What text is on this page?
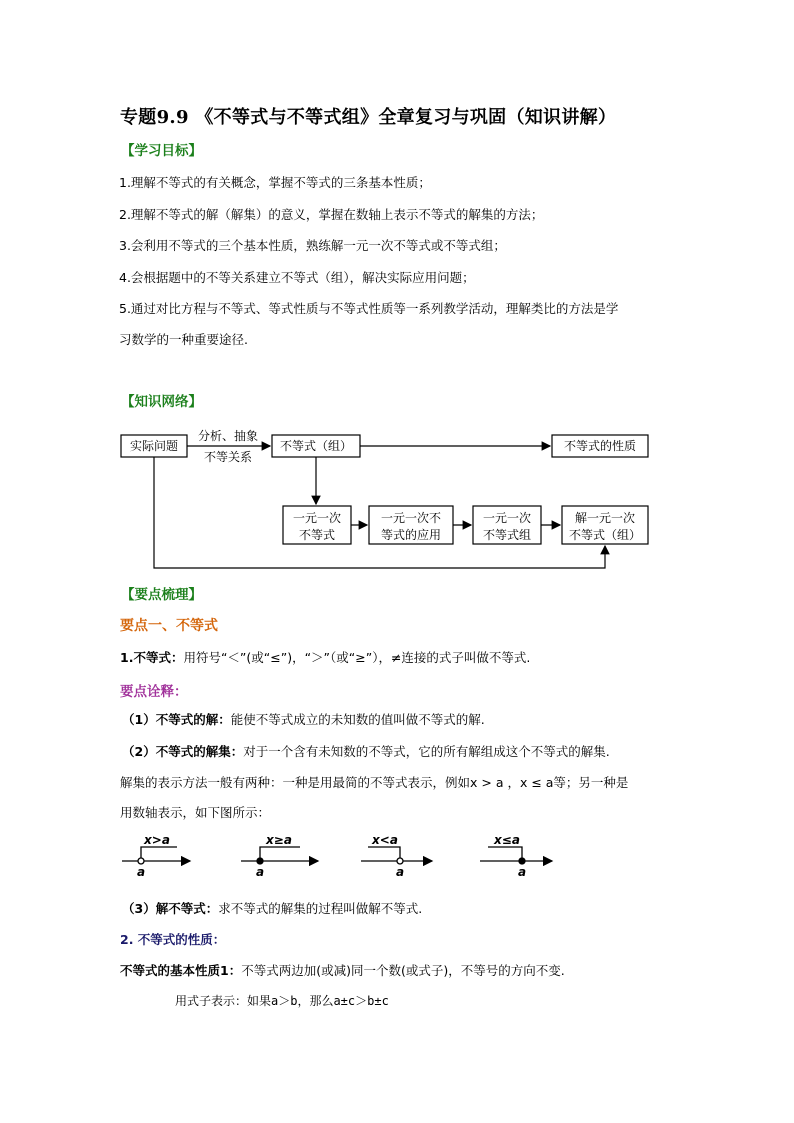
专题9.9 《不等式与不等式组》全章复习与巩固（知识讲解）
【学习目标】
1.理解不等式的有关概念，掌握不等式的三条基本性质；
2.理解不等式的解（解集）的意义，掌握在数轴上表示不等式的解集的方法；
3.会利用不等式的三个基本性质，熟练解一元一次不等式或不等式组；
4.会根据题中的不等关系建立不等式（组），解决实际应用问题；
5.通过对比方程与不等式、等式性质与不等式性质等一系列教学活动，理解类比的方法是学
习数学的一种重要途径.
【知识网络】
实际问题	不等式（组）	不等式的性质
分析、抽象
不等关系
一元一次
不等式
一元一次不
等式的应用
一元一次
不等式组
解一元一次
不等式（组）
【要点梳理】
要点一、不等式
1.不等式：用符号“＜”(或“≤”)，“＞”（或“≥”），≠连接的式子叫做不等式.
要点诠释：
（1）不等式的解：能使不等式成立的未知数的值叫做不等式的解.
（2）不等式的解集：对于一个含有未知数的不等式，它的所有解组成这个不等式的解集.
解集的表示方法一般有两种：一种是用最简的不等式表示，例如x > a ，x ≤ a等；另一种是
用数轴表示，如下图所示：
x>a
a
x≥a
a
x<a
a
x≤a
a
（3）解不等式：求不等式的解集的过程叫做解不等式.
2. 不等式的性质：
不等式的基本性质1：不等式两边加(或减)同一个数(或式子)，不等号的方向不变.
用式子表示：如果a＞b，那么a±c＞b±c
